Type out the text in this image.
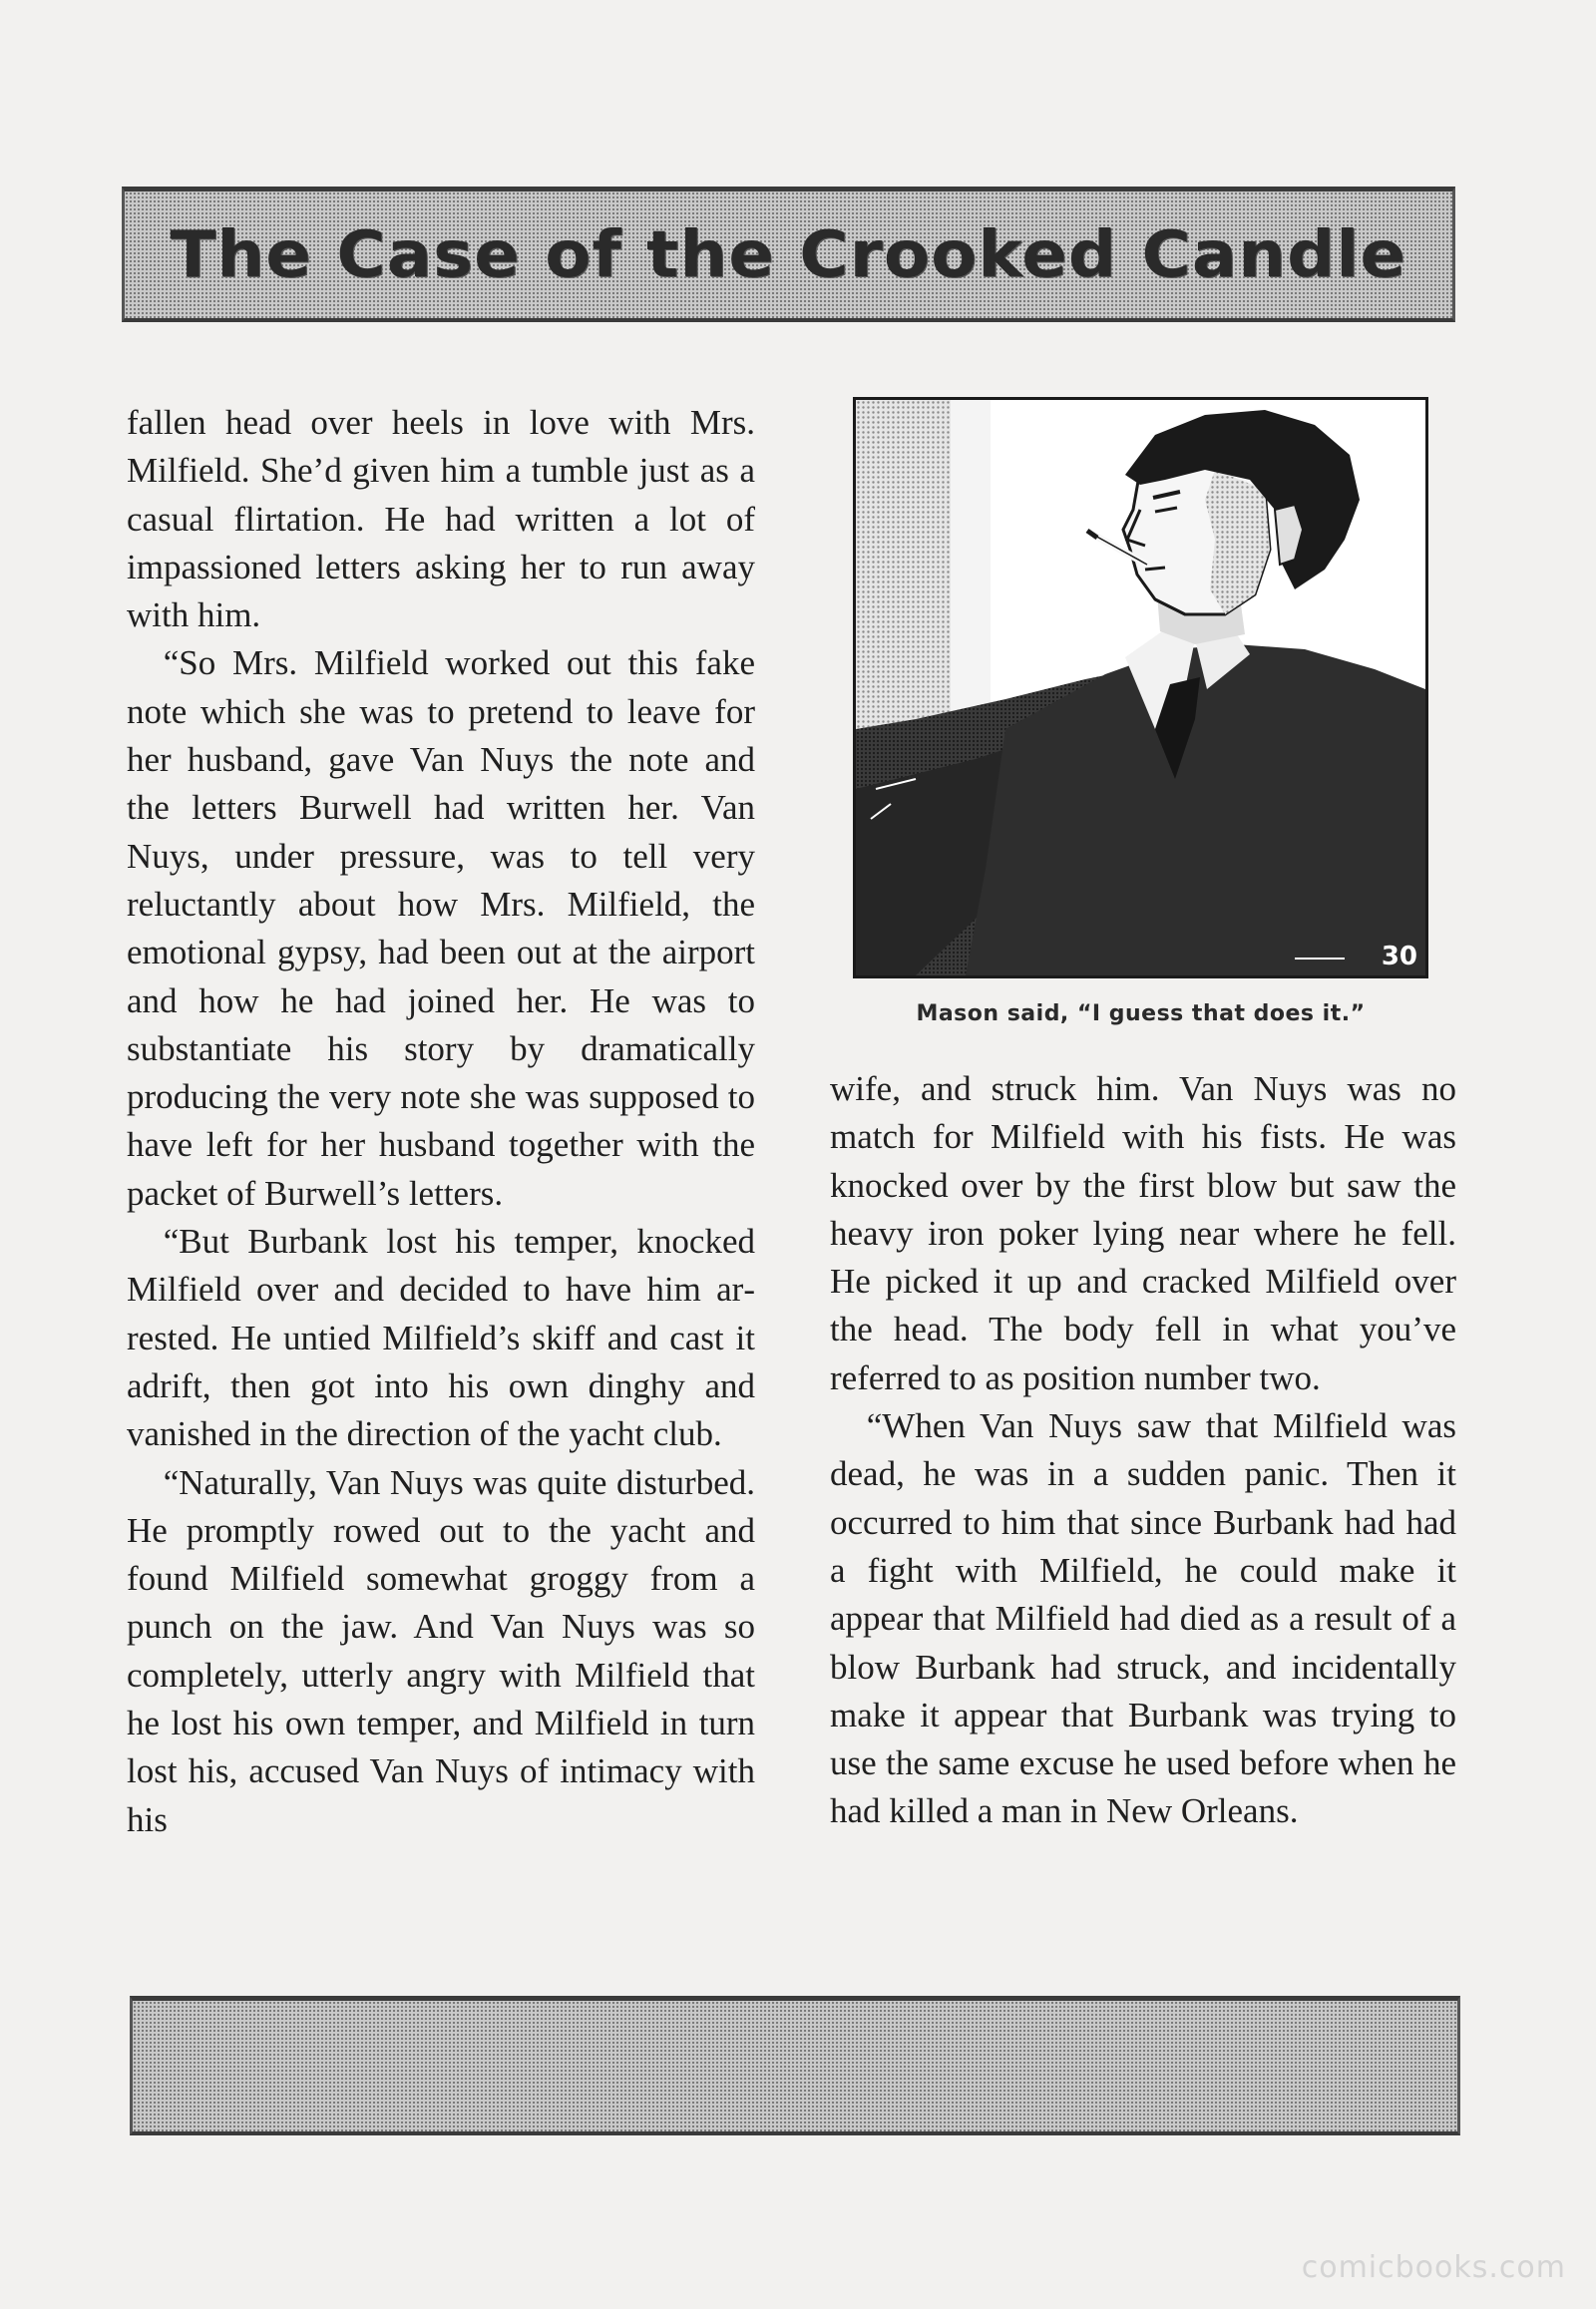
The Case of the Crooked Candle

fallen head over heels in love with Mrs. Milfield. She’d given him a tumble just as a casual flirtation. He had written a lot of impassioned letters asking her to run away with him.

“So Mrs. Milfield worked out this fake note which she was to pretend to leave for her husband, gave Van Nuys the note and the letters Burwell had written her. Van Nuys, under pressure, was to tell very reluctantly about how Mrs. Milfield, the emotional gypsy, had been out at the airport and how he had joined her. He was to substantiate his story by dramatically producing the very note she was supposed to have left for her husband together with the packet of Burwell’s letters.

“But Burbank lost his temper, knocked Milfield over and decided to have him arrested. He untied Milfield’s skiff and cast it adrift, then got into his own dinghy and vanished in the direction of the yacht club.

“Naturally, Van Nuys was quite disturbed. He promptly rowed out to the yacht and found Milfield somewhat groggy from a punch on the jaw. And Van Nuys was so completely, utterly angry with Milfield that he lost his own temper, and Milfield in turn lost his, accused Van Nuys of intimacy with his

30
Mason said, “I guess that does it.”

wife, and struck him. Van Nuys was no match for Milfield with his fists. He was knocked over by the first blow but saw the heavy iron poker lying near where he fell. He picked it up and cracked Milfield over the head. The body fell in what you’ve referred to as position number two.

“When Van Nuys saw that Milfield was dead, he was in a sudden panic. Then it occurred to him that since Burbank had had a fight with Milfield, he could make it appear that Milfield had died as a result of a blow Burbank had struck, and incidentally make it appear that Burbank was trying to use the same excuse he used before when he had killed a man in New Orleans.

comicbooks.com
